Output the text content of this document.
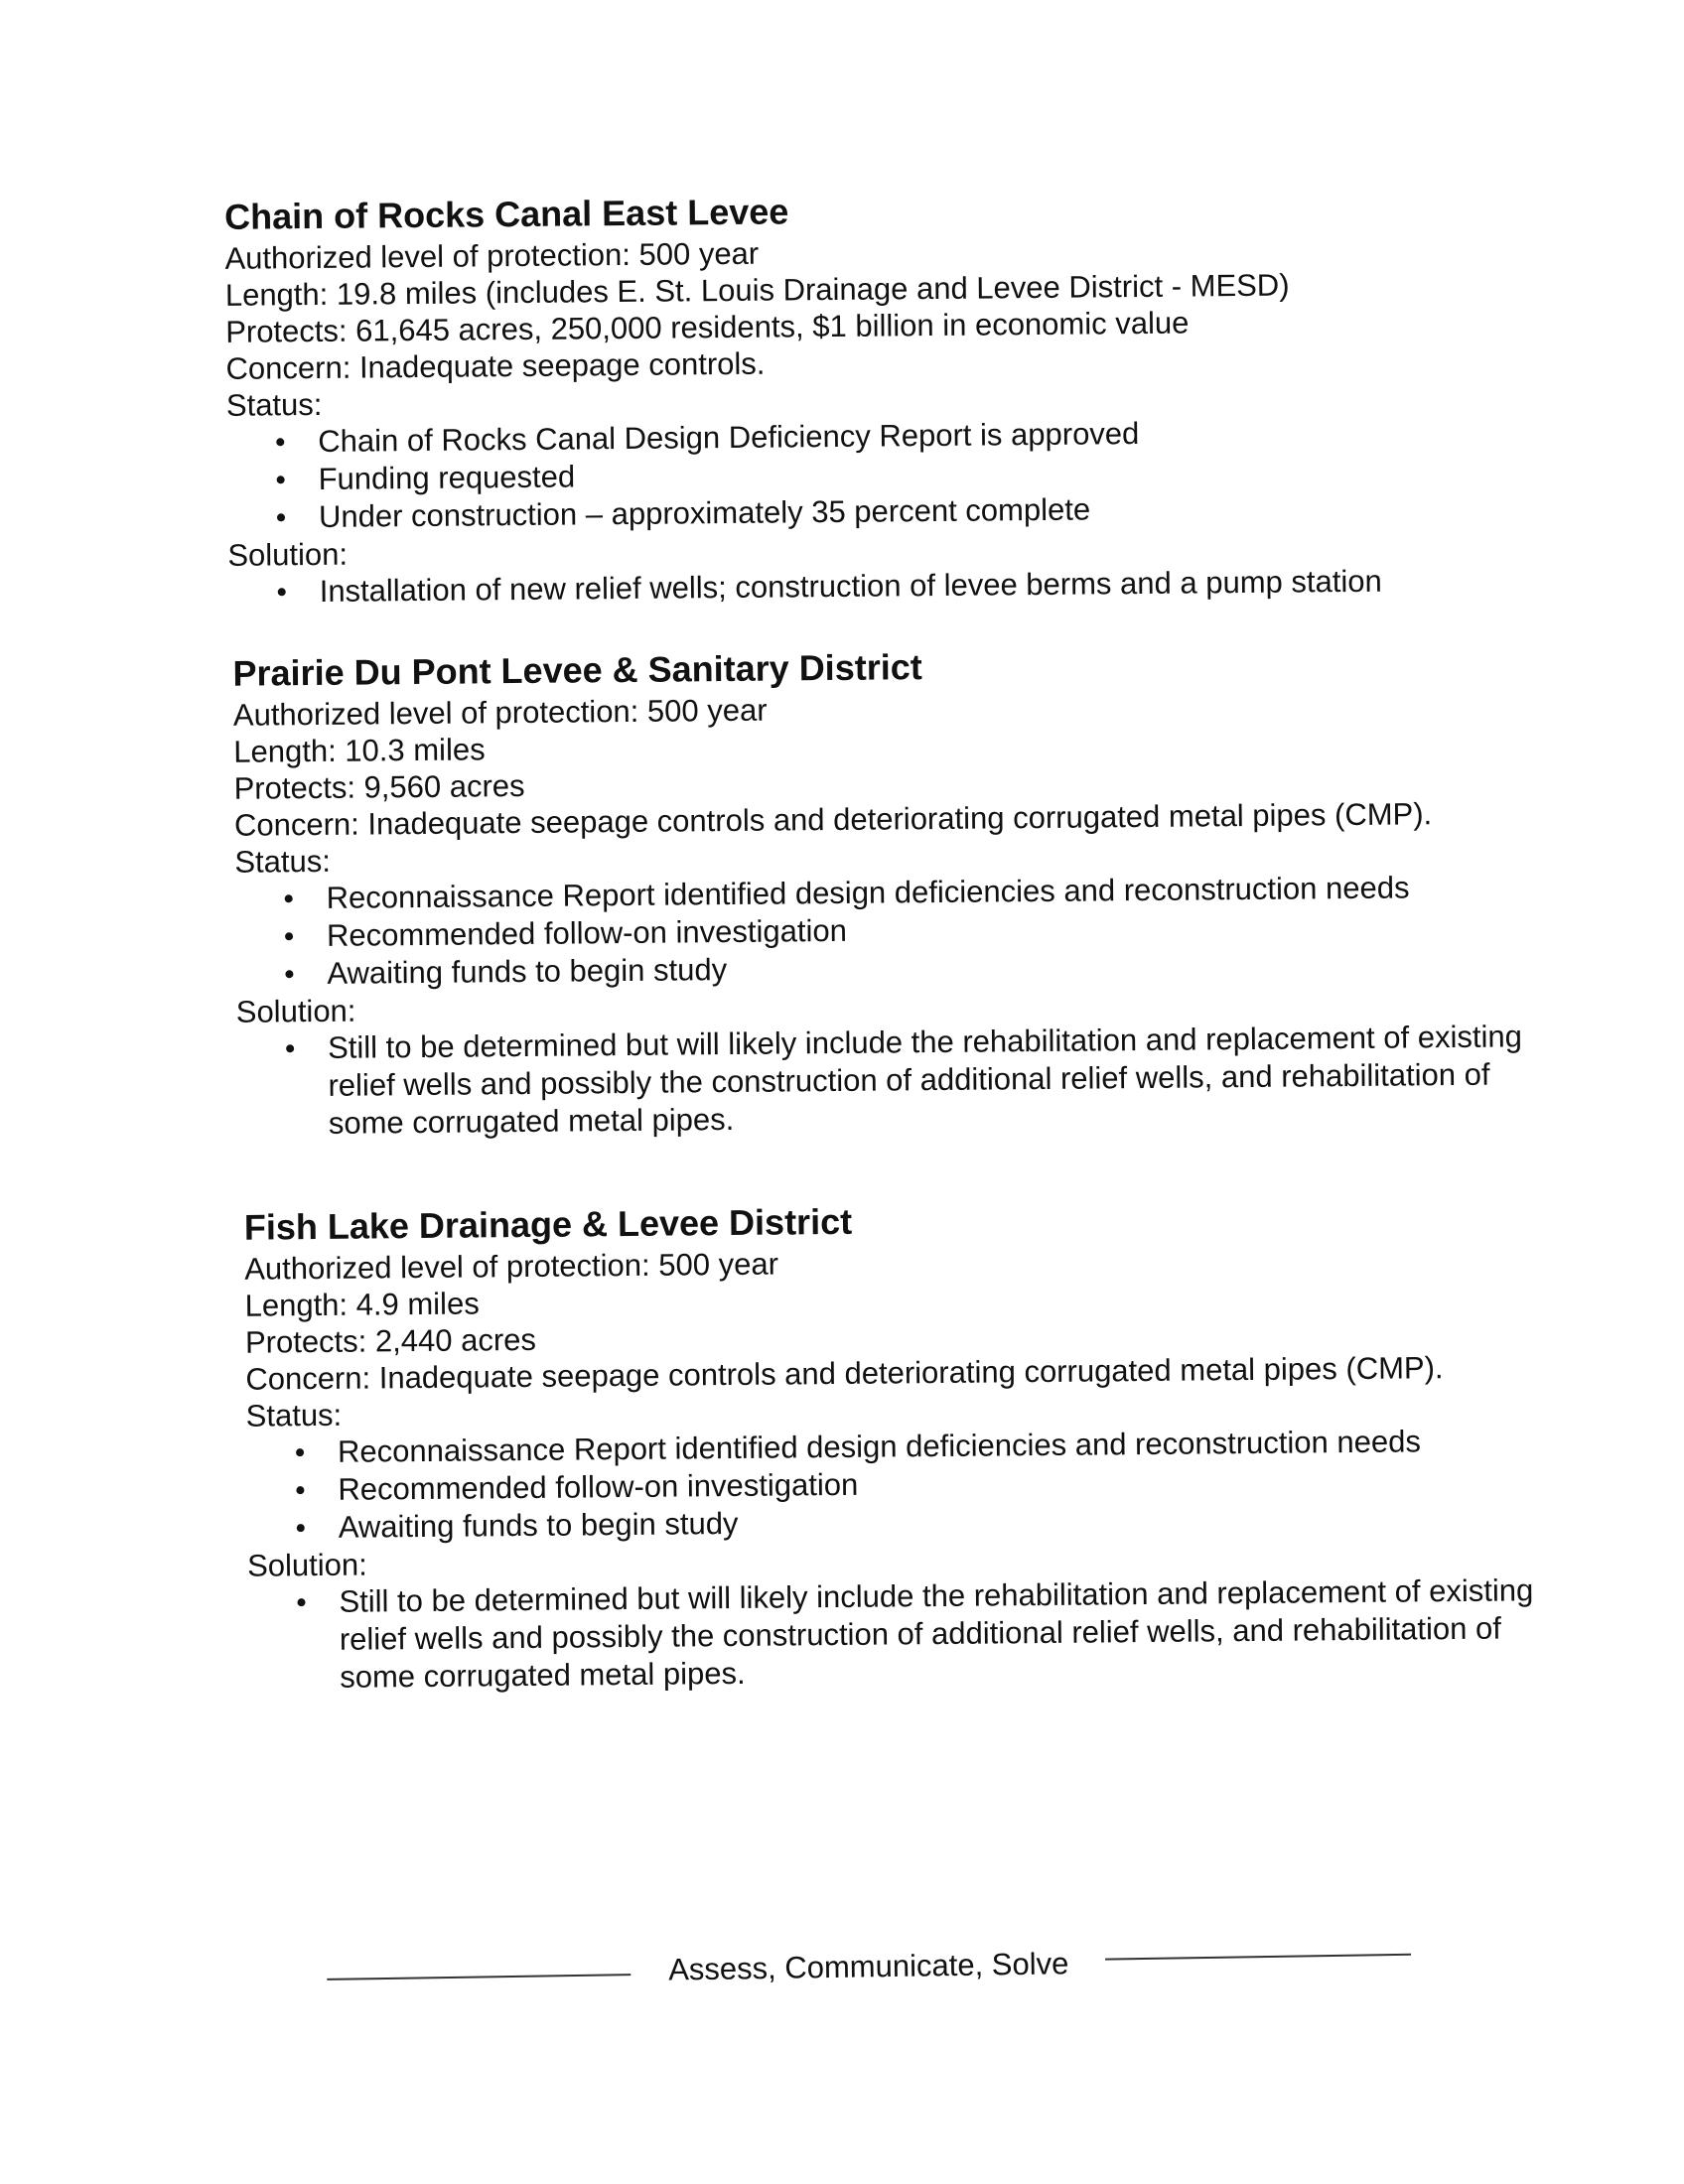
Chain of Rocks Canal East Levee

Authorized level of protection: 500 year

Length: 19.8 miles (includes E. St. Louis Drainage and Levee District - MESD)

Protects: 61,645 acres, 250,000 residents, $1 billion in economic value

Concern: Inadequate seepage controls.

Status:

Chain of Rocks Canal Design Deficiency Report is approved
Funding requested
Under construction – approximately 35 percent complete

Solution:

Installation of new relief wells; construction of levee berms and a pump station
Prairie Du Pont Levee & Sanitary District

Authorized level of protection: 500 year

Length: 10.3 miles

Protects: 9,560 acres

Concern: Inadequate seepage controls and deteriorating corrugated metal pipes (CMP).

Status:

Reconnaissance Report identified design deficiencies and reconstruction needs
Recommended follow-on investigation
Awaiting funds to begin study

Solution:

Still to be determined but will likely include the rehabilitation and replacement of existing relief wells and possibly the construction of additional relief wells, and rehabilitation of some corrugated metal pipes.
Fish Lake Drainage & Levee District

Authorized level of protection: 500 year

Length: 4.9 miles

Protects: 2,440 acres

Concern: Inadequate seepage controls and deteriorating corrugated metal pipes (CMP).

Status:

Reconnaissance Report identified design deficiencies and reconstruction needs
Recommended follow-on investigation
Awaiting funds to begin study

Solution:

Still to be determined but will likely include the rehabilitation and replacement of existing relief wells and possibly the construction of additional relief wells, and rehabilitation of some corrugated metal pipes.
Assess, Communicate, Solve
